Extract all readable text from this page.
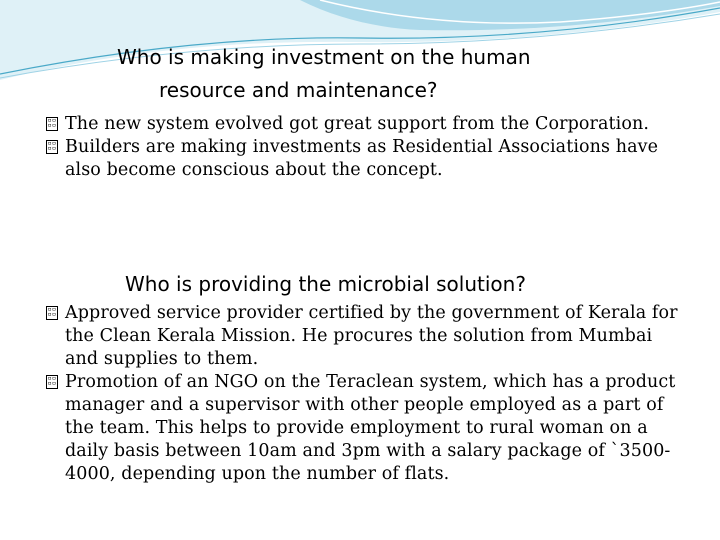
Who is making investment on the human
resource and maintenance?
▫▫ ▫▫
The new system evolved got great support from the Corporation.
▫▫ ▫▫
Builders are making investments as Residential Associations have also become conscious about the concept.
Who is providing the microbial solution?
▫▫ ▫▫
Approved service provider certified by the government of Kerala for the Clean Kerala Mission. He procures the solution from Mumbai and supplies to them.
▫▫ ▫▫
Promotion of an NGO on the Teraclean system, which has a product manager and a supervisor with other people employed as a part of the team. This helps to provide employment to rural woman on a daily basis between 10am and 3pm with a salary package of `3500-4000, depending upon the number of flats.
